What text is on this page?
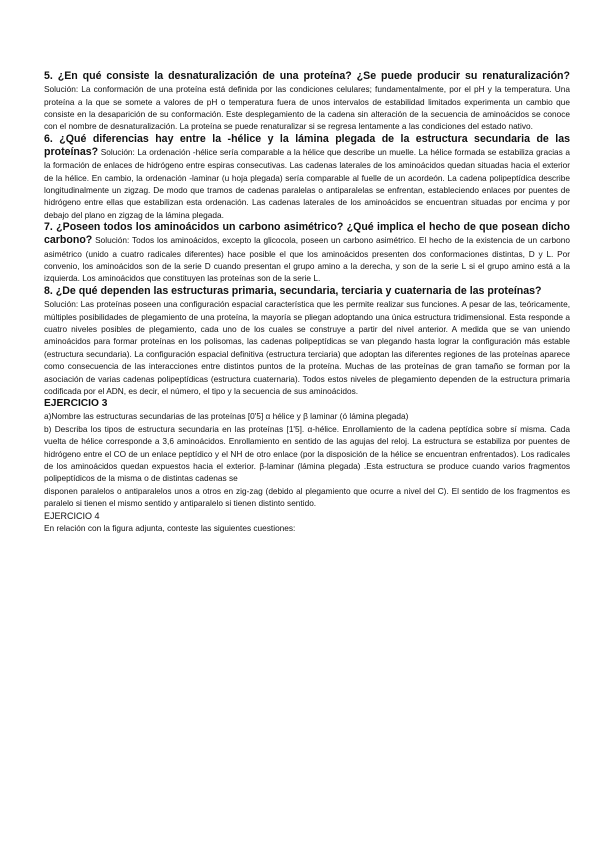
5. ¿En qué consiste la desnaturalización de una proteína? ¿Se puede producir su renaturalización? Solución: La conformación de una proteína está definida por las condiciones celulares; fundamentalmente, por el pH y la temperatura. Una proteína a la que se somete a valores de pH o temperatura fuera de unos intervalos de estabilidad limitados experimenta un cambio que consiste en la desaparición de su conformación. Este desplegamiento de la cadena sin alteración de la secuencia de aminoácidos se conoce con el nombre de desnaturalización. La proteína se puede renaturalizar si se regresa lentamente a las condiciones del estado nativo.

6. ¿Qué diferencias hay entre la -hélice y la lámina plegada de la estructura secundaria de las proteínas? Solución: La ordenación -hélice sería comparable a la hélice que describe un muelle. La hélice formada se estabiliza gracias a la formación de enlaces de hidrógeno entre espiras consecutivas. Las cadenas laterales de los aminoácidos quedan situadas hacia el exterior de la hélice. En cambio, la ordenación -laminar (u hoja plegada) sería comparable al fuelle de un acordeón. La cadena polipeptídica describe longitudinalmente un zigzag. De modo que tramos de cadenas paralelas o antiparalelas se enfrentan, estableciendo enlaces por puentes de hidrógeno entre ellas que estabilizan esta ordenación. Las cadenas laterales de los aminoácidos se encuentran situadas por encima y por debajo del plano en zigzag de la lámina plegada.

7. ¿Poseen todos los aminoácidos un carbono asimétrico? ¿Qué implica el hecho de que posean dicho carbono? Solución: Todos los aminoácidos, excepto la glicocola, poseen un carbono asimétrico. El hecho de la existencia de un carbono asimétrico (unido a cuatro radicales diferentes) hace posible el que los aminoácidos presenten dos conformaciones distintas, D y L. Por convenio, los aminoácidos son de la serie D cuando presentan el grupo amino a la derecha, y son de la serie L si el grupo amino está a la izquierda. Los aminoácidos que constituyen las proteínas son de la serie L.

8. ¿De qué dependen las estructuras primaria, secundaria, terciaria y cuaternaria de las proteínas?
Solución: Las proteínas poseen una configuración espacial característica que les permite realizar sus funciones. A pesar de las, teóricamente, múltiples posibilidades de plegamiento de una proteína, la mayoría se pliegan adoptando una única estructura tridimensional. Esta responde a cuatro niveles posibles de plegamiento, cada uno de los cuales se construye a partir del nivel anterior. A medida que se van uniendo aminoácidos para formar proteínas en los polisomas, las cadenas polipeptídicas se van plegando hasta lograr la configuración más estable (estructura secundaria). La configuración espacial definitiva (estructura terciaria) que adoptan las diferentes regiones de las proteínas aparece como consecuencia de las interacciones entre distintos puntos de la proteína. Muchas de las proteínas de gran tamaño se forman por la asociación de varias cadenas polipeptídicas (estructura cuaternaria). Todos estos niveles de plegamiento dependen de la estructura primaria codificada por el ADN, es decir, el número, el tipo y la secuencia de sus aminoácidos.

EJERCICIO 3

a)Nombre las estructuras secundarias de las proteínas [0'5] α hélice y β laminar (ó lámina plegada)

b) Describa los tipos de estructura secundaria en las proteínas [1'5]. α-hélice. Enrollamiento de la cadena peptídica sobre sí misma. Cada vuelta de hélice corresponde a 3,6 aminoácidos. Enrollamiento en sentido de las agujas del reloj. La estructura se estabiliza por puentes de hidrógeno entre el CO de un enlace peptídico y el NH de otro enlace (por la disposición de la hélice se encuentran enfrentados). Los radicales de los aminoácidos quedan expuestos hacia el exterior. β-laminar (lámina plegada) .Esta estructura se produce cuando varios fragmentos polipeptídicos de la misma o de distintas cadenas se

disponen paralelos o antiparalelos unos a otros en zig-zag (debido al plegamiento que ocurre a nivel del C). El sentido de los fragmentos es paralelo si tienen el mismo sentido y antiparalelo si tienen distinto sentido.

EJERCICIO 4

En relación con la figura adjunta, conteste las siguientes cuestiones:
